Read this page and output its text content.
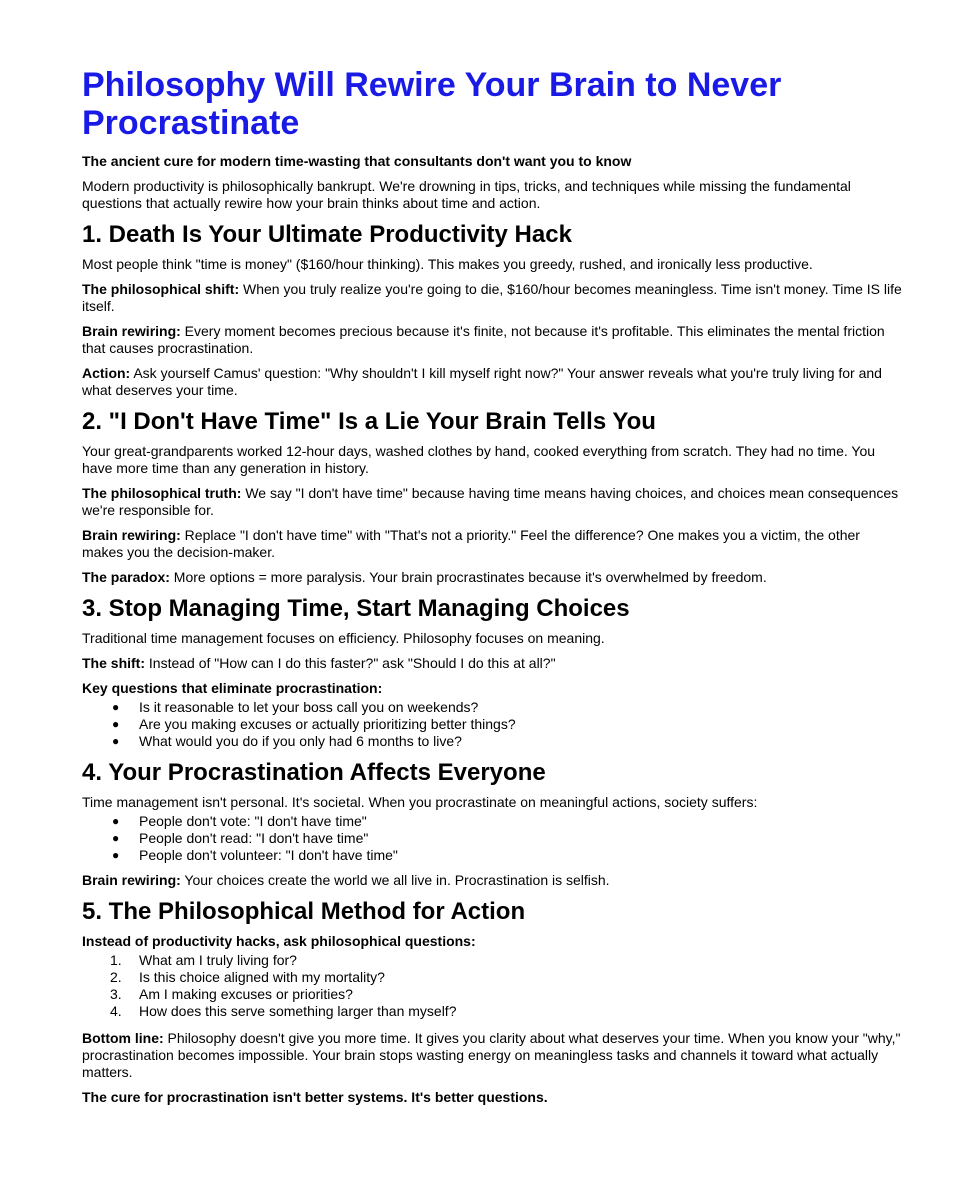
Philosophy Will Rewire Your Brain to Never Procrastinate
The ancient cure for modern time-wasting that consultants don't want you to know

Modern productivity is philosophically bankrupt. We're drowning in tips, tricks, and techniques while missing the fundamental questions that actually rewire how your brain thinks about time and action.

1. Death Is Your Ultimate Productivity Hack

Most people think "time is money" ($160/hour thinking). This makes you greedy, rushed, and ironically less productive.

The philosophical shift: When you truly realize you're going to die, $160/hour becomes meaningless. Time isn't money. Time IS life itself.

Brain rewiring: Every moment becomes precious because it's finite, not because it's profitable. This eliminates the mental friction that causes procrastination.

Action: Ask yourself Camus' question: "Why shouldn't I kill myself right now?" Your answer reveals what you're truly living for and what deserves your time.

2. "I Don't Have Time" Is a Lie Your Brain Tells You

Your great-grandparents worked 12-hour days, washed clothes by hand, cooked everything from scratch. They had no time. You have more time than any generation in history.

The philosophical truth: We say "I don't have time" because having time means having choices, and choices mean consequences we're responsible for.

Brain rewiring: Replace "I don't have time" with "That's not a priority." Feel the difference? One makes you a victim, the other makes you the decision-maker.

The paradox: More options = more paralysis. Your brain procrastinates because it's overwhelmed by freedom.

3. Stop Managing Time, Start Managing Choices

Traditional time management focuses on efficiency. Philosophy focuses on meaning.

The shift: Instead of "How can I do this faster?" ask "Should I do this at all?"

Key questions that eliminate procrastination:

● Is it reasonable to let your boss call you on weekends?
● Are you making excuses or actually prioritizing better things?
● What would you do if you only had 6 months to live?
4. Your Procrastination Affects Everyone

Time management isn't personal. It's societal. When you procrastinate on meaningful actions, society suffers:

● People don't vote: "I don't have time"
● People don't read: "I don't have time"
● People don't volunteer: "I don't have time"

Brain rewiring: Your choices create the world we all live in. Procrastination is selfish.

5. The Philosophical Method for Action

Instead of productivity hacks, ask philosophical questions:

1. What am I truly living for?
2. Is this choice aligned with my mortality?
3. Am I making excuses or priorities?
4. How does this serve something larger than myself?

Bottom line: Philosophy doesn't give you more time. It gives you clarity about what deserves your time. When you know your "why," procrastination becomes impossible. Your brain stops wasting energy on meaningless tasks and channels it toward what actually matters.

The cure for procrastination isn't better systems. It's better questions.
